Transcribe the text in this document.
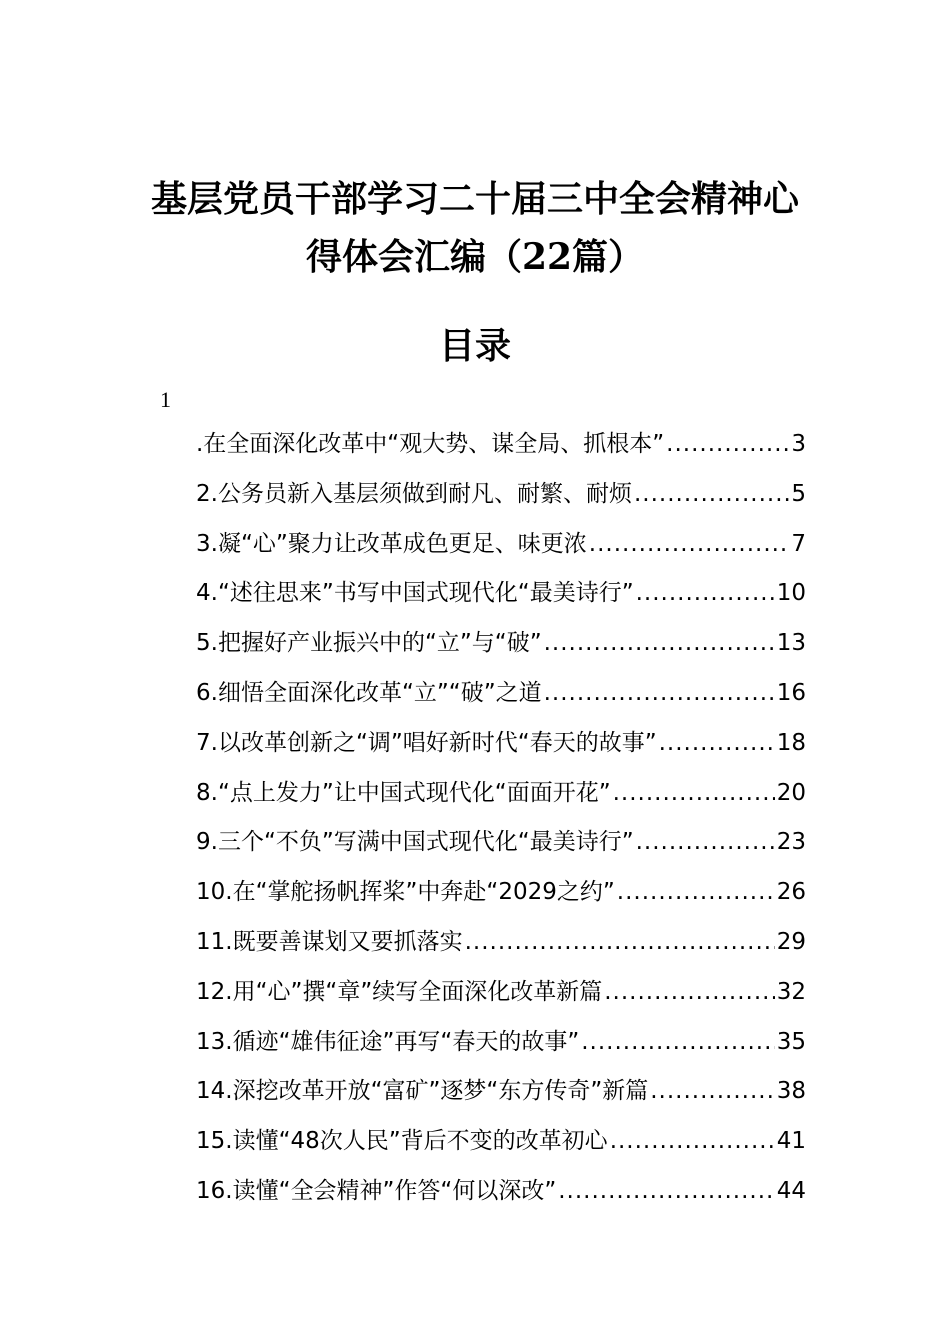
基层党员干部学习二十届三中全会精神心
得体会汇编（22篇）
目录
1
.在全面深化改革中“观大势、谋全局、抓根本” .....	3
2.公务员新入基层须做到耐凡、耐繁、耐烦 .....	5
3.凝“心”聚力让改革成色更足、味更浓 .....	7
4.“述往思来”书写中国式现代化“最美诗行” .....	10
5.把握好产业振兴中的“立”与“破” .....	13
6.细悟全面深化改革“立”“破”之道 .....	16
7.以改革创新之“调”唱好新时代“春天的故事” .....	18
8.“点上发力”让中国式现代化“面面开花” .....	20
9.三个“不负”写满中国式现代化“最美诗行” .....	23
10.在“掌舵扬帆挥桨”中奔赴“2029之约” .....	26
11.既要善谋划又要抓落实 .....	29
12.用“心”撰“章”续写全面深化改革新篇 .....	32
13.循迹“雄伟征途”再写“春天的故事” .....	35
14.深挖改革开放“富矿”逐梦“东方传奇”新篇 .....	38
15.读懂“48次人民”背后不变的改革初心 .....	41
16.读懂“全会精神”作答“何以深改” .....	44
